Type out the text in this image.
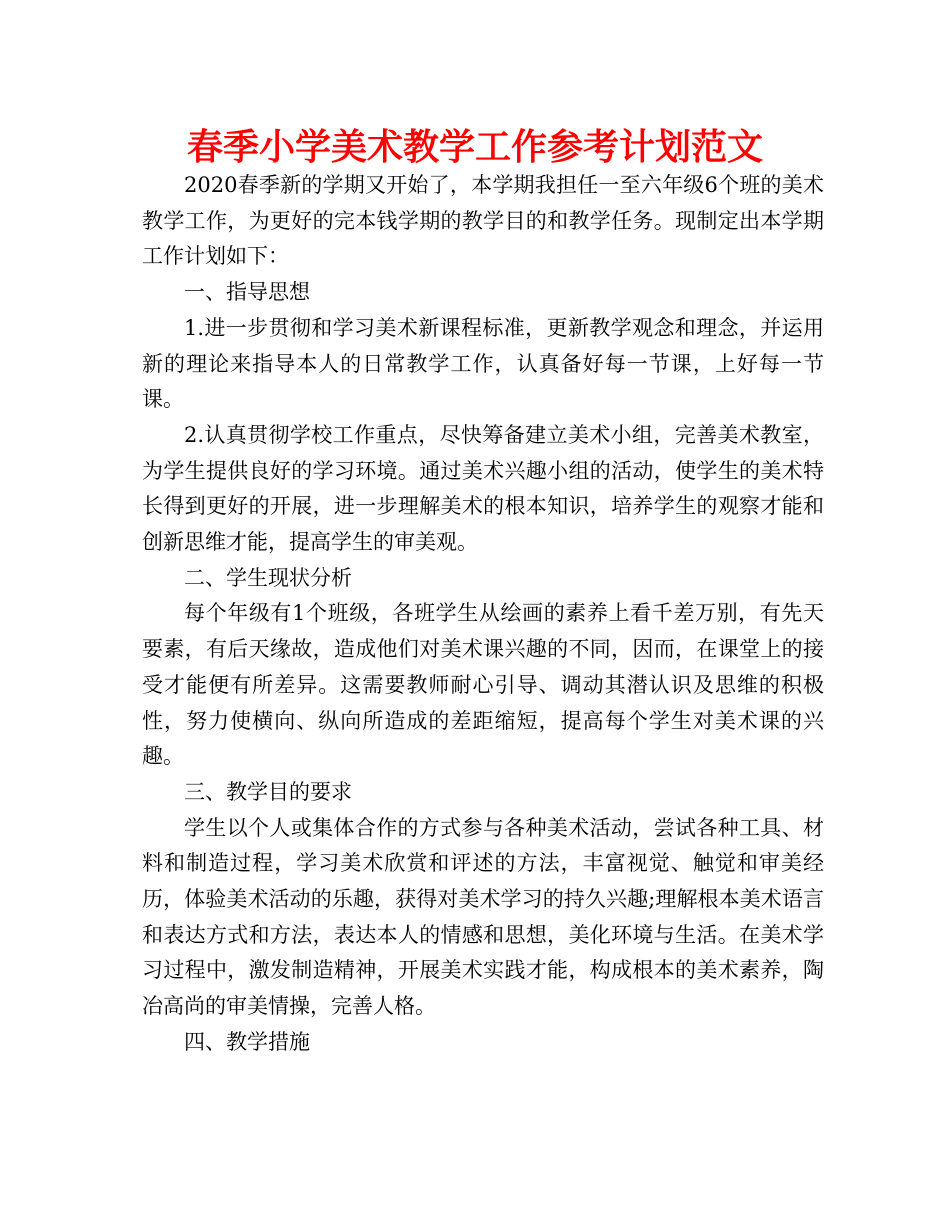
春季小学美术教学工作参考计划范文

2020春季新的学期又开始了，本学期我担任一至六年级6个班的美术教学工作，为更好的完本钱学期的教学目的和教学任务。现制定出本学期工作计划如下：

一、指导思想

1.进一步贯彻和学习美术新课程标准，更新教学观念和理念，并运用新的理论来指导本人的日常教学工作，认真备好每一节课，上好每一节课。

2.认真贯彻学校工作重点，尽快筹备建立美术小组，完善美术教室，为学生提供良好的学习环境。通过美术兴趣小组的活动，使学生的美术特长得到更好的开展，进一步理解美术的根本知识，培养学生的观察才能和创新思维才能，提高学生的审美观。

二、学生现状分析

每个年级有1个班级，各班学生从绘画的素养上看千差万别，有先天要素，有后天缘故，造成他们对美术课兴趣的不同，因而，在课堂上的接受才能便有所差异。这需要教师耐心引导、调动其潜认识及思维的积极性，努力使横向、纵向所造成的差距缩短，提高每个学生对美术课的兴趣。

三、教学目的要求

学生以个人或集体合作的方式参与各种美术活动，尝试各种工具、材料和制造过程，学习美术欣赏和评述的方法，丰富视觉、触觉和审美经历，体验美术活动的乐趣，获得对美术学习的持久兴趣;理解根本美术语言和表达方式和方法，表达本人的情感和思想，美化环境与生活。在美术学习过程中，激发制造精神，开展美术实践才能，构成根本的美术素养，陶冶高尚的审美情操，完善人格。

四、教学措施
